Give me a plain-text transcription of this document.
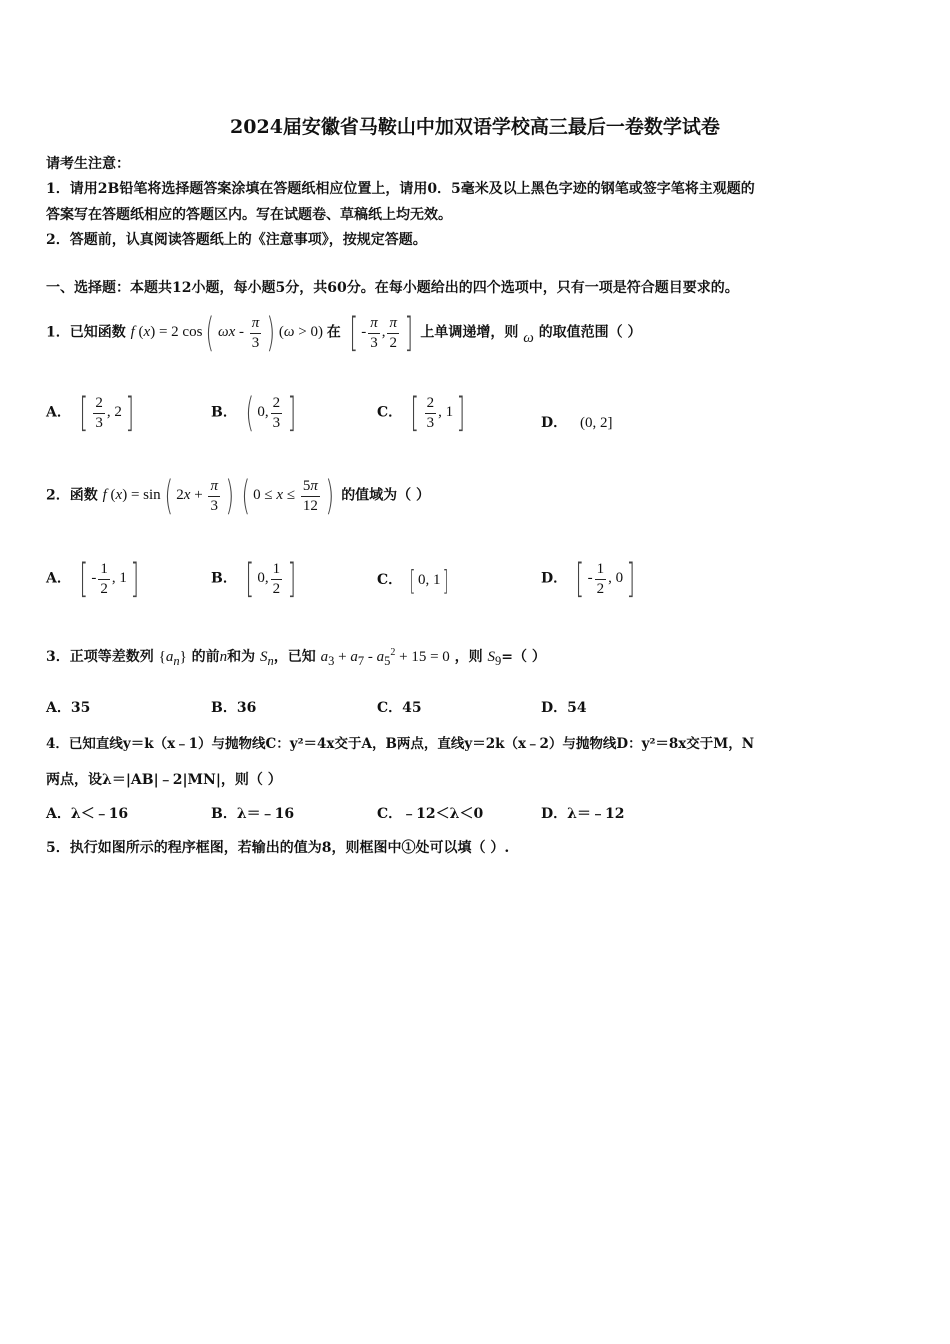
2024届安徽省马鞍山中加双语学校高三最后一卷数学试卷
请考生注意：
1．请用2B铅笔将选择题答案涂填在答题纸相应位置上，请用0．5毫米及以上黑色字迹的钢笔或签字笔将主观题的
答案写在答题纸相应的答题区内。写在试题卷、草稿纸上均无效。
2．答题前，认真阅读答题纸上的《注意事项》，按规定答题。
一、选择题：本题共12小题，每小题5分，共60分。在每小题给出的四个选项中，只有一项是符合题目要求的。
1．已知函数 f (x) = 2 cos( ωx - $\frac{\pi}{3}$ ) (ω > 0) 在 [ - $\frac{\pi}{3}$ , $\frac{\pi}{2}$ ] 上单调递增，则 ω 的取值范围（ ）
A． [ $\frac{2}{3}$ , 2]	B． ( 0, $\frac{2}{3}$ ]	C． [ $\frac{2}{3}$ , 1]	D． (0, 2]
2．函数 f (x) = sin( $2x + \frac{\pi}{3}$ ) ( $0 \le x \le \frac{5\pi}{12}$ ) 的值域为（ ）
A． [ - $\frac{1}{2}$ , 1]	B． [ 0, $\frac{1}{2}$ ]	C． [ 0, 1]	D． [ - $\frac{1}{2}$ , 0]
3．正项等差数列 $\{a_n\}$ 的前n和为 $S_n$，已知 $a_3 + a_7 - a_5^2 + 15 = 0$ ，则 $S_9=$（ ）
A．35	B．36	C．45	D．54
4．已知直线y＝k（x﹣1）与抛物线C：y²＝4x交于A，B两点，直线y＝2k（x﹣2）与抛物线D：y²＝8x交于M，N
两点，设λ＝|AB|﹣2|MN|，则（ ）
A．λ＜﹣16	B．λ＝﹣16	C．﹣12＜λ＜0	D．λ＝﹣12
5．执行如图所示的程序框图，若输出的值为8，则框图中①处可以填（ ）.
